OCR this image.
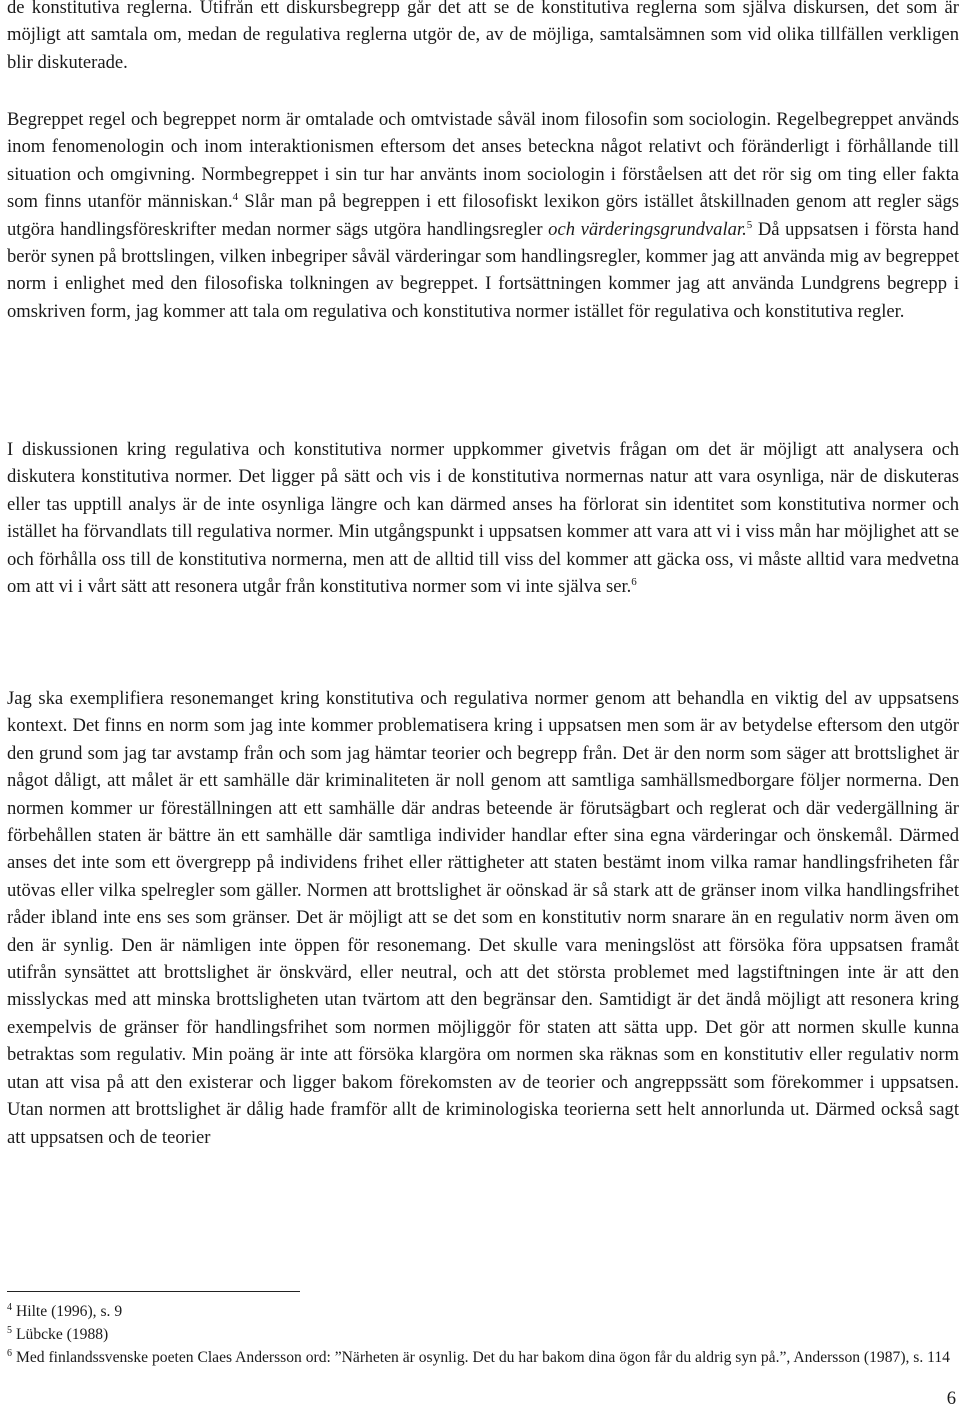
de konstitutiva reglerna. Utifrån ett diskursbegrepp går det att se de konstitutiva reglerna som själva diskursen, det som är möjligt att samtala om, medan de regulativa reglerna utgör de, av de möjliga, samtalsämnen som vid olika tillfällen verkligen blir diskuterade.

Begreppet regel och begreppet norm är omtalade och omtvistade såväl inom filosofin som sociologin. Regelbegreppet används inom fenomenologin och inom interaktionismen eftersom det anses beteckna något relativt och föränderligt i förhållande till situation och omgivning. Normbegreppet i sin tur har använts inom sociologin i förståelsen att det rör sig om ting eller fakta som finns utanför människan.$^4$ Slår man på begreppen i ett filosofiskt lexikon görs istället åtskillnaden genom att regler sägs utgöra handlingsföreskrifter medan normer sägs utgöra handlingsregler och värderingsgrundvalar.$^5$ Då uppsatsen i första hand berör synen på brottslingen, vilken inbegriper såväl värderingar som handlingsregler, kommer jag att använda mig av begreppet norm i enlighet med den filosofiska tolkningen av begreppet. I fortsättningen kommer jag att använda Lundgrens begrepp i omskriven form, jag kommer att tala om regulativa och konstitutiva normer istället för regulativa och konstitutiva regler.

I diskussionen kring regulativa och konstitutiva normer uppkommer givetvis frågan om det är möjligt att analysera och diskutera konstitutiva normer. Det ligger på sätt och vis i de konstitutiva normernas natur att vara osynliga, när de diskuteras eller tas upptill analys är de inte osynliga längre och kan därmed anses ha förlorat sin identitet som konstitutiva normer och istället ha förvandlats till regulativa normer. Min utgångspunkt i uppsatsen kommer att vara att vi i viss mån har möjlighet att se och förhålla oss till de konstitutiva normerna, men att de alltid till viss del kommer att gäcka oss, vi måste alltid vara medvetna om att vi i vårt sätt att resonera utgår från konstitutiva normer som vi inte själva ser.$^6$

Jag ska exemplifiera resonemanget kring konstitutiva och regulativa normer genom att behandla en viktig del av uppsatsens kontext. Det finns en norm som jag inte kommer problematisera kring i uppsatsen men som är av betydelse eftersom den utgör den grund som jag tar avstamp från och som jag hämtar teorier och begrepp från. Det är den norm som säger att brottslighet är något dåligt, att målet är ett samhälle där kriminaliteten är noll genom att samtliga samhällsmedborgare följer normerna. Den normen kommer ur föreställningen att ett samhälle där andras beteende är förutsägbart och reglerat och där vedergällning är förbehållen staten är bättre än ett samhälle där samtliga individer handlar efter sina egna värderingar och önskemål. Därmed anses det inte som ett övergrepp på individens frihet eller rättigheter att staten bestämt inom vilka ramar handlingsfriheten får utövas eller vilka spelregler som gäller. Normen att brottslighet är oönskad är så stark att de gränser inom vilka handlingsfrihet råder ibland inte ens ses som gränser. Det är möjligt att se det som en konstitutiv norm snarare än en regulativ norm även om den är synlig. Den är nämligen inte öppen för resonemang. Det skulle vara meningslöst att försöka föra uppsatsen framåt utifrån synsättet att brottslighet är önskvärd, eller neutral, och att det största problemet med lagstiftningen inte är att den misslyckas med att minska brottsligheten utan tvärtom att den begränsar den. Samtidigt är det ändå möjligt att resonera kring exempelvis de gränser för handlingsfrihet som normen möjliggör för staten att sätta upp. Det gör att normen skulle kunna betraktas som regulativ. Min poäng är inte att försöka klargöra om normen ska räknas som en konstitutiv eller regulativ norm utan att visa på att den existerar och ligger bakom förekomsten av de teorier och angreppssätt som förekommer i uppsatsen. Utan normen att brottslighet är dålig hade framför allt de kriminologiska teorierna sett helt annorlunda ut. Därmed också sagt att uppsatsen och de teorier

$^4$ Hilte (1996), s. 9

$^5$ Lübcke (1988)

$^6$ Med finlandssvenske poeten Claes Andersson ord: ”Närheten är osynlig. Det du har bakom dina ögon får du aldrig syn på.”, Andersson (1987), s. 114

6
